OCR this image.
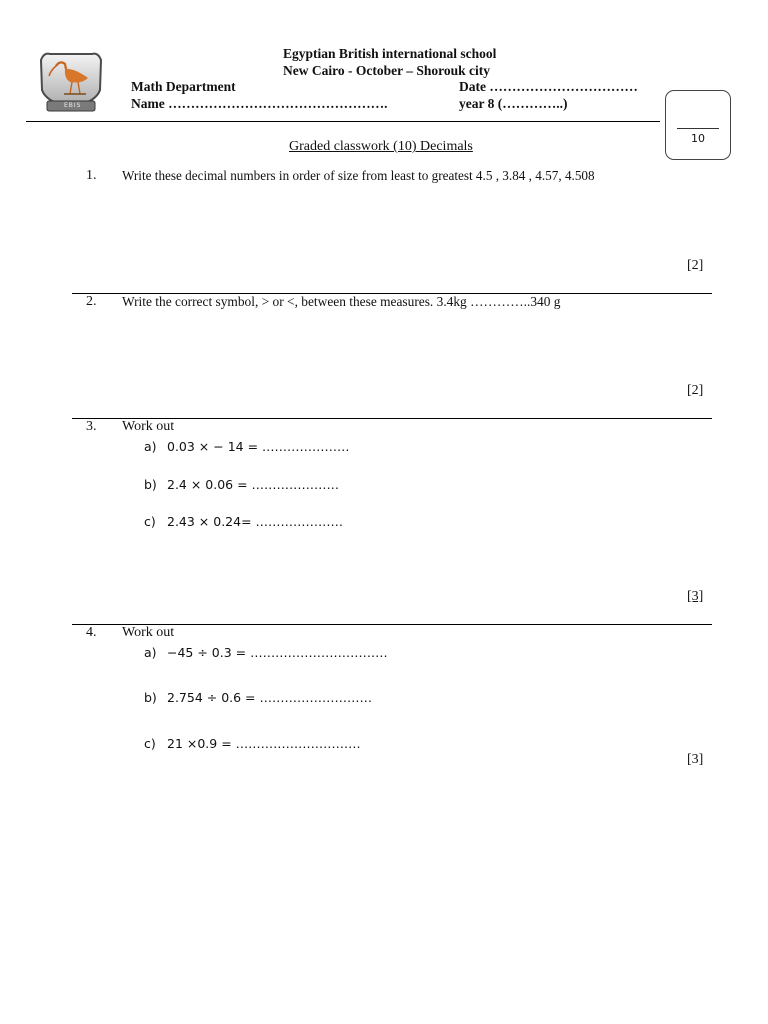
EBIS
Egyptian British international school
New Cairo - October – Shorouk city
Math Department	Date ……………………………
Name ………………………………………….	year 8 (…………..)
10
Graded classwork (10) Decimals
1. Write these decimal numbers in order of size from least to greatest 4.5 , 3.84 , 4.57, 4.508
[2]
2. Write the correct symbol, > or <, between these measures. 3.4kg …………..340 g
[2]
3. Work out
a) 0.03 × − 14 = …………………
b) 2.4 × 0.06 = …………………
c) 2.43 × 0.24= …………………
[3]
4. Work out
a) −45 ÷ 0.3 = ……………………………
b) 2.754 ÷ 0.6 = ………………………
c) 21 ×0.9 = …………………………
[3]
